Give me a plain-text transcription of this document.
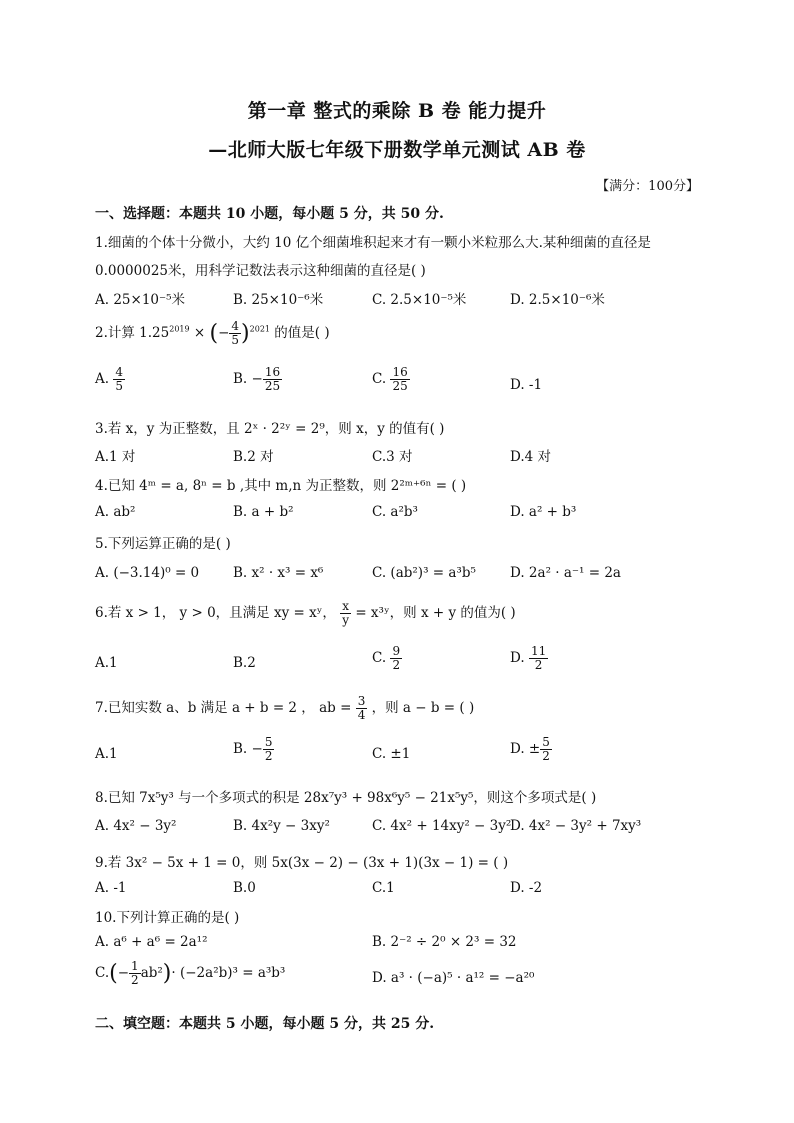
第一章 整式的乘除 B 卷 能力提升
—北师大版七年级下册数学单元测试 AB 卷
【满分：100分】
一、选择题：本题共 10 小题，每小题 5 分，共 50 分.
1.细菌的个体十分微小，大约 10 亿个细菌堆积起来才有一颗小米粒那么大.某种细菌的直径是
0.0000025米，用科学记数法表示这种细菌的直径是( )
A. 25×10⁻⁵米	B. 25×10⁻⁶米	C. 2.5×10⁻⁵米	D. 2.5×10⁻⁶米
2.计算 $1.25^{2019}$ × (− $\frac{4}{5} )^{2021}$ 的值是( )
A. $\frac{4}{5}$	B. − $\frac{16}{25}$	C. $\frac{16}{25}$	D. -1
3.若 x，y 为正整数，且 2ˣ · 2²ʸ = 2⁹，则 x，y 的值有( )
A.1 对	B.2 对	C.3 对	D.4 对
4.已知 4ᵐ = a, 8ⁿ = b ,其中 m,n 为正整数，则 2²ᵐ⁺⁶ⁿ = ( )
A. ab²	B. a + b²	C. a²b³	D. a² + b³
5.下列运算正确的是( )
A. (−3.14)⁰ = 0	B. x² · x³ = x⁶	C. (ab²)³ = a³b⁵	D. 2a² · a⁻¹ = 2a
6.若 x > 1， y > 0，且满足 xy = xʸ， $\frac{x}{y}$ = x³ʸ，则 x + y 的值为( )
A.1	B.2	C. $\frac{9}{2}$	D. $\frac{11}{2}$
7.已知实数 a、b 满足 a + b = 2 ， ab = $\frac{3}{4}$ ，则 a − b = ( )
A.1	B. − $\frac{5}{2}$	C. ±1	D. ± $\frac{5}{2}$
8.已知 7x⁵y³ 与一个多项式的积是 28x⁷y³ + 98x⁶y⁵ − 21x⁵y⁵，则这个多项式是( )
A. 4x² − 3y²	B. 4x²y − 3xy²	C. 4x² + 14xy² − 3y²
D. 4x² − 3y² + 7xy³
9.若 3x² − 5x + 1 = 0，则 5x(3x − 2) − (3x + 1)(3x − 1) = ( )
A. -1	B.0	C.1	D. -2
10.下列计算正确的是( )
A. a⁶ + a⁶ = 2a¹²	B. 2⁻² ÷ 2⁰ × 2³ = 32
$C.(- \frac{1}{2} ab^2)\cdot (-2a^2b)^3 = a^3b^3$	D. a³ · (−a)⁵ · a¹² = −a²⁰
二、填空题：本题共 5 小题，每小题 5 分，共 25 分.
